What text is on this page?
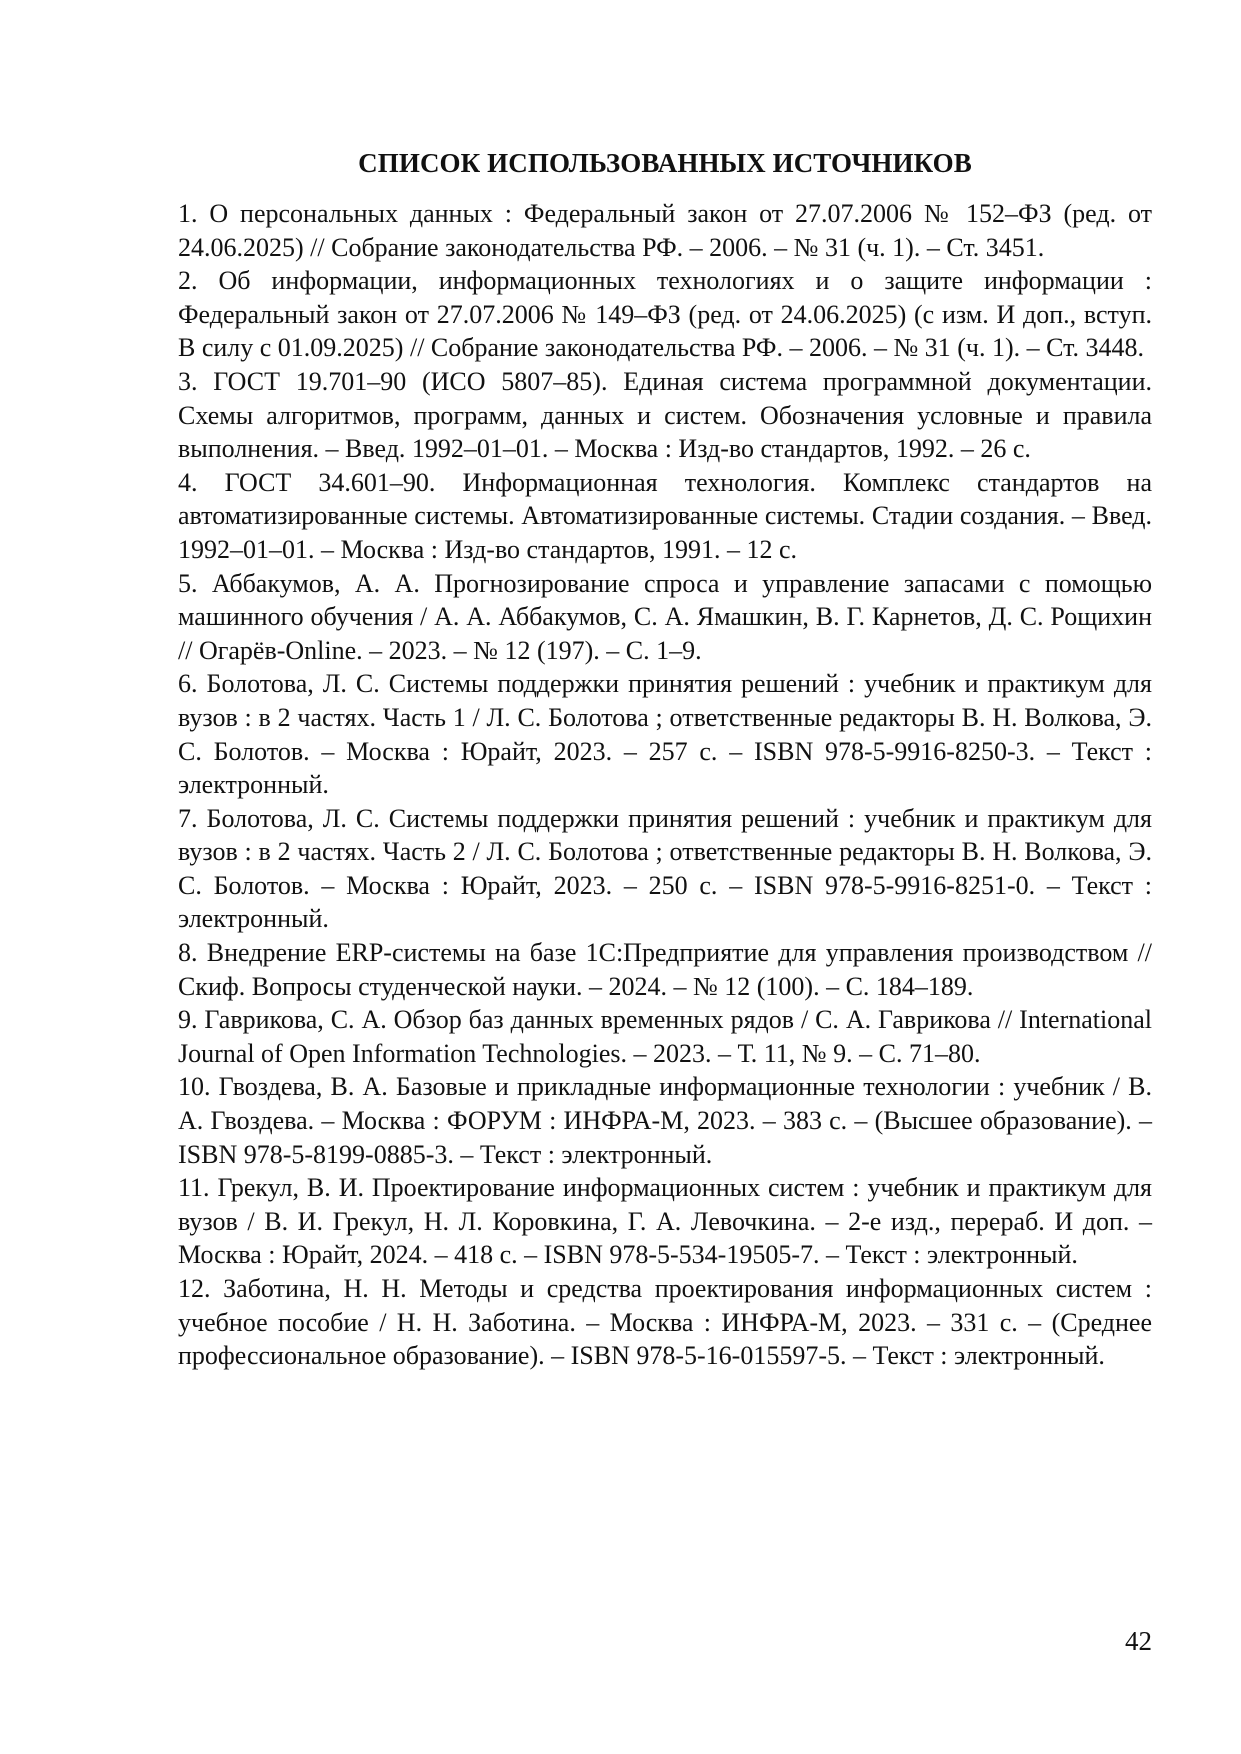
СПИСОК ИСПОЛЬЗОВАННЫХ ИСТОЧНИКОВ
1. О персональных данных : Федеральный закон от 27.07.2006 № 152–ФЗ (ред. от 24.06.2025) // Собрание законодательства РФ. – 2006. – № 31 (ч. 1). – Ст. 3451.
2. Об информации, информационных технологиях и о защите информации : Федеральный закон от 27.07.2006 № 149–ФЗ (ред. от 24.06.2025) (с изм. И доп., вступ. В силу с 01.09.2025) // Собрание законодательства РФ. – 2006. – № 31 (ч. 1). – Ст. 3448.
3. ГОСТ 19.701–90 (ИСО 5807–85). Единая система программной документации. Схемы алгоритмов, программ, данных и систем. Обозначения условные и правила выполнения. – Введ. 1992–01–01. – Москва : Изд-во стандартов, 1992. – 26 с.
4. ГОСТ 34.601–90. Информационная технология. Комплекс стандартов на автоматизированные системы. Автоматизированные системы. Стадии создания. – Введ. 1992–01–01. – Москва : Изд-во стандартов, 1991. – 12 с.
5. Аббакумов, А. А. Прогнозирование спроса и управление запасами с помощью машинного обучения / А. А. Аббакумов, С. А. Ямашкин, В. Г. Карнетов, Д. С. Рощихин // Огарёв-Online. – 2023. – № 12 (197). – С. 1–9.
6. Болотова, Л. С. Системы поддержки принятия решений : учебник и практикум для вузов : в 2 частях. Часть 1 / Л. С. Болотова ; ответственные редакторы В. Н. Волкова, Э. С. Болотов. – Москва : Юрайт, 2023. – 257 с. – ISBN 978-5-9916-8250-3. – Текст : электронный.
7. Болотова, Л. С. Системы поддержки принятия решений : учебник и практикум для вузов : в 2 частях. Часть 2 / Л. С. Болотова ; ответственные редакторы В. Н. Волкова, Э. С. Болотов. – Москва : Юрайт, 2023. – 250 с. – ISBN 978-5-9916-8251-0. – Текст : электронный.
8. Внедрение ERP-системы на базе 1С:Предприятие для управления производством // Скиф. Вопросы студенческой науки. – 2024. – № 12 (100). – С. 184–189.
9. Гаврикова, С. А. Обзор баз данных временных рядов / С. А. Гаврикова // International Journal of Open Information Technologies. – 2023. – Т. 11, № 9. – С. 71–80.
10. Гвоздева, В. А. Базовые и прикладные информационные технологии : учебник / В. А. Гвоздева. – Москва : ФОРУМ : ИНФРА-М, 2023. – 383 с. – (Высшее образование). – ISBN 978-5-8199-0885-3. – Текст : электронный.
11. Грекул, В. И. Проектирование информационных систем : учебник и практикум для вузов / В. И. Грекул, Н. Л. Коровкина, Г. А. Левочкина. – 2-е изд., перераб. И доп. – Москва : Юрайт, 2024. – 418 с. – ISBN 978-5-534-19505-7. – Текст : электронный.
12. Заботина, Н. Н. Методы и средства проектирования информационных систем : учебное пособие / Н. Н. Заботина. – Москва : ИНФРА-М, 2023. – 331 с. – (Среднее профессиональное образование). – ISBN 978-5-16-015597-5. – Текст : электронный.
42
